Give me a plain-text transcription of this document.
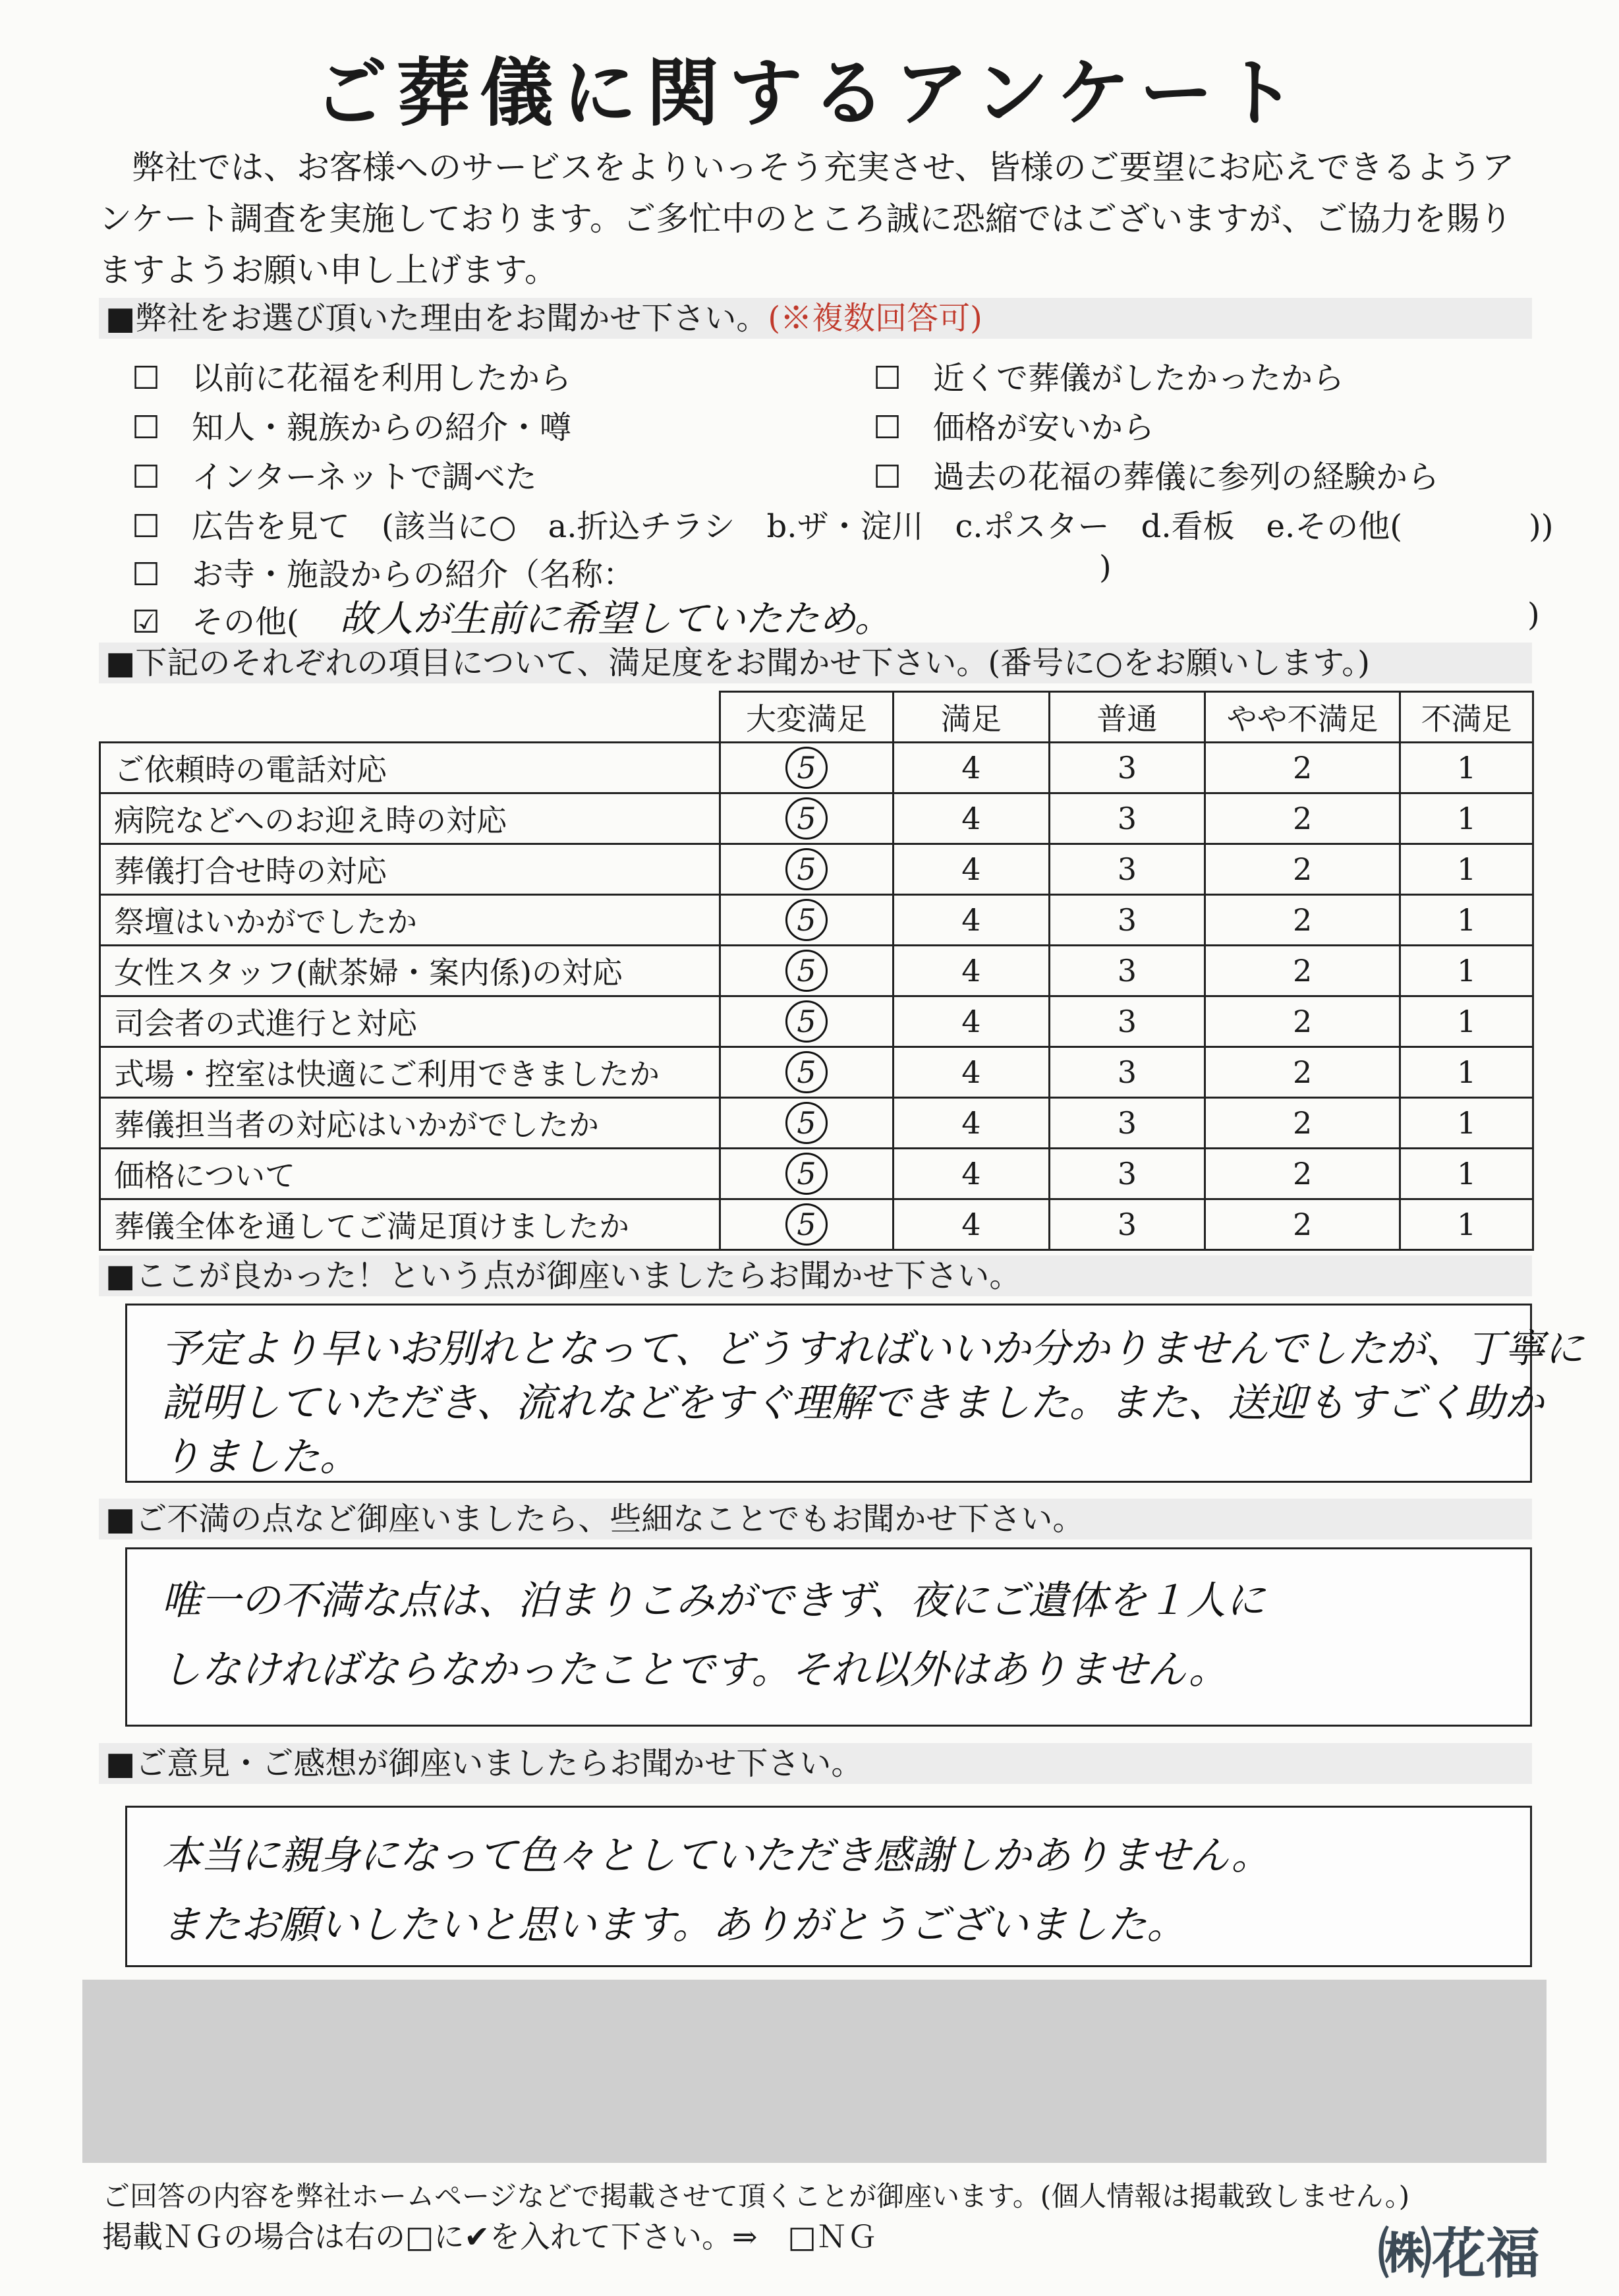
ご葬儀に関するアンケート
弊社では、お客様へのサービスをよりいっそう充実させ、皆様のご要望にお応えできるようアンケート調査を実施しております。ご多忙中のところ誠に恐縮ではございますが、ご協力を賜りますようお願い申し上げます。
■弊社をお選び頂いた理由をお聞かせ下さい。(※複数回答可)
☐　以前に花福を利用したから
☐　知人・親族からの紹介・噂
☐　インターネットで調べた
☐　近くで葬儀がしたかったから
☐　価格が安いから
☐　過去の花福の葬儀に参列の経験から
☐　広告を見て　(該当に○　a.折込チラシ　b.ザ・淀川　c.ポスター　d.看板　e.その他(　　　　))
☐　お寺・施設からの紹介（名称：	)
☑　その他( 故人が生前に希望していたため。	)
■下記のそれぞれの項目について、満足度をお聞かせ下さい。(番号に○をお願いします。)
	大変満足	満足	普通	やや不満足	不満足
ご依頼時の電話対応	5	4	3	2	1
病院などへのお迎え時の対応	5	4	3	2	1
葬儀打合せ時の対応	5	4	3	2	1
祭壇はいかがでしたか	5	4	3	2	1
女性スタッフ(献茶婦・案内係)の対応	5	4	3	2	1
司会者の式進行と対応	5	4	3	2	1
式場・控室は快適にご利用できましたか	5	4	3	2	1
葬儀担当者の対応はいかがでしたか	5	4	3	2	1
価格について	5	4	3	2	1
葬儀全体を通してご満足頂けましたか	5	4	3	2	1
■ここが良かった！という点が御座いましたらお聞かせ下さい。
予定より早いお別れとなって、どうすればいいか分かりませんでしたが、丁寧に
説明していただき、流れなどをすぐ理解できました。また、送迎もすごく助か
りました。
■ご不満の点など御座いましたら、些細なことでもお聞かせ下さい。
唯一の不満な点は、泊まりこみができず、夜にご遺体を１人に
しなければならなかったことです。それ以外はありません。
■ご意見・ご感想が御座いましたらお聞かせ下さい。
本当に親身になって色々としていただき感謝しかありません。
またお願いしたいと思います。ありがとうございました。
ご回答の内容を弊社ホームページなどで掲載させて頂くことが御座います。(個人情報は掲載致しません。)
掲載ＮＧの場合は右の□に✔を入れて下さい。⇒　□ＮＧ	㈱花福
